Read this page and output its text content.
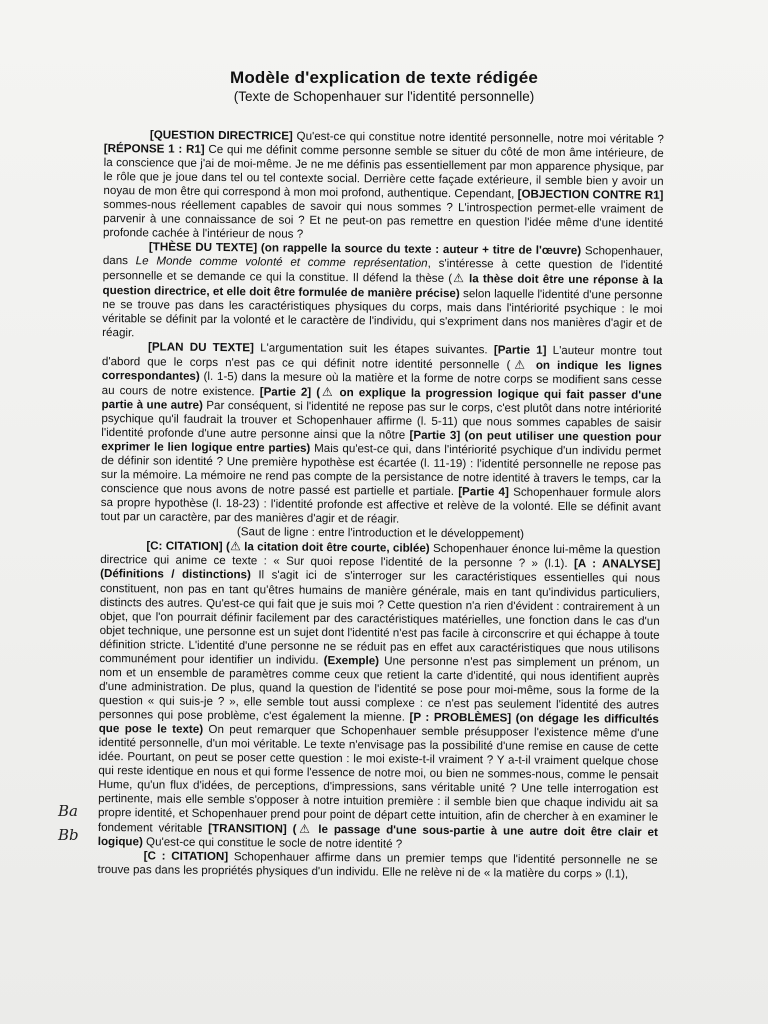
Modèle d'explication de texte rédigée
(Texte de Schopenhauer sur l'identité personnelle)
Ba
Bb

[QUESTION DIRECTRICE] Qu'est-ce qui constitue notre identité personnelle, notre moi véritable ? [RÉPONSE 1 : R1] Ce qui me définit comme personne semble se situer du côté de mon âme intérieure, de la conscience que j'ai de moi-même. Je ne me définis pas essentiellement par mon apparence physique, par le rôle que je joue dans tel ou tel contexte social. Derrière cette façade extérieure, il semble bien y avoir un noyau de mon être qui correspond à mon moi profond, authentique. Cependant, [OBJECTION CONTRE R1] sommes-nous réellement capables de savoir qui nous sommes ? L'introspection permet-elle vraiment de parvenir à une connaissance de soi ? Et ne peut-on pas remettre en question l'idée même d'une identité profonde cachée à l'intérieur de nous ?

[THÈSE DU TEXTE] (on rappelle la source du texte : auteur + titre de l'œuvre) Schopenhauer, dans Le Monde comme volonté et comme représentation, s'intéresse à cette question de l'identité personnelle et se demande ce qui la constitue. Il défend la thèse (⚠ la thèse doit être une réponse à la question directrice, et elle doit être formulée de manière précise) selon laquelle l'identité d'une personne ne se trouve pas dans les caractéristiques physiques du corps, mais dans l'intériorité psychique : le moi véritable se définit par la volonté et le caractère de l'individu, qui s'expriment dans nos manières d'agir et de réagir.

[PLAN DU TEXTE] L'argumentation suit les étapes suivantes. [Partie 1] L'auteur montre tout d'abord que le corps n'est pas ce qui définit notre identité personnelle (⚠ on indique les lignes correspondantes) (l. 1-5) dans la mesure où la matière et la forme de notre corps se modifient sans cesse au cours de notre existence. [Partie 2] (⚠ on explique la progression logique qui fait passer d'une partie à une autre) Par conséquent, si l'identité ne repose pas sur le corps, c'est plutôt dans notre intériorité psychique qu'il faudrait la trouver et Schopenhauer affirme (l. 5-11) que nous sommes capables de saisir l'identité profonde d'une autre personne ainsi que la nôtre [Partie 3] (on peut utiliser une question pour exprimer le lien logique entre parties) Mais qu'est-ce qui, dans l'intériorité psychique d'un individu permet de définir son identité ? Une première hypothèse est écartée (l. 11-19) : l'identité personnelle ne repose pas sur la mémoire. La mémoire ne rend pas compte de la persistance de notre identité à travers le temps, car la conscience que nous avons de notre passé est partielle et partiale. [Partie 4] Schopenhauer formule alors sa propre hypothèse (l. 18-23) : l'identité profonde est affective et relève de la volonté. Elle se définit avant tout par un caractère, par des manières d'agir et de réagir.

(Saut de ligne : entre l'introduction et le développement)

[C: CITATION] (⚠ la citation doit être courte, ciblée) Schopenhauer énonce lui-même la question directrice qui anime ce texte : « Sur quoi repose l'identité de la personne ? » (l.1). [A : ANALYSE] (Définitions / distinctions) Il s'agit ici de s'interroger sur les caractéristiques essentielles qui nous constituent, non pas en tant qu'êtres humains de manière générale, mais en tant qu'individus particuliers, distincts des autres. Qu'est-ce qui fait que je suis moi ? Cette question n'a rien d'évident : contrairement à un objet, que l'on pourrait définir facilement par des caractéristiques matérielles, une fonction dans le cas d'un objet technique, une personne est un sujet dont l'identité n'est pas facile à circonscrire et qui échappe à toute définition stricte. L'identité d'une personne ne se réduit pas en effet aux caractéristiques que nous utilisons communément pour identifier un individu. (Exemple) Une personne n'est pas simplement un prénom, un nom et un ensemble de paramètres comme ceux que retient la carte d'identité, qui nous identifient auprès d'une administration. De plus, quand la question de l'identité se pose pour moi-même, sous la forme de la question « qui suis-je ? », elle semble tout aussi complexe : ce n'est pas seulement l'identité des autres personnes qui pose problème, c'est également la mienne. [P : PROBLÈMES] (on dégage les difficultés que pose le texte) On peut remarquer que Schopenhauer semble présupposer l'existence même d'une identité personnelle, d'un moi véritable. Le texte n'envisage pas la possibilité d'une remise en cause de cette idée. Pourtant, on peut se poser cette question : le moi existe-t-il vraiment ? Y a-t-il vraiment quelque chose qui reste identique en nous et qui forme l'essence de notre moi, ou bien ne sommes-nous, comme le pensait Hume, qu'un flux d'idées, de perceptions, d'impressions, sans véritable unité ? Une telle interrogation est pertinente, mais elle semble s'opposer à notre intuition première : il semble bien que chaque individu ait sa propre identité, et Schopenhauer prend pour point de départ cette intuition, afin de chercher à en examiner le fondement véritable [TRANSITION] (⚠ le passage d'une sous-partie à une autre doit être clair et logique) Qu'est-ce qui constitue le socle de notre identité ?

[C : CITATION] Schopenhauer affirme dans un premier temps que l'identité personnelle ne se trouve pas dans les propriétés physiques d'un individu. Elle ne relève ni de « la matière du corps » (l.1),
